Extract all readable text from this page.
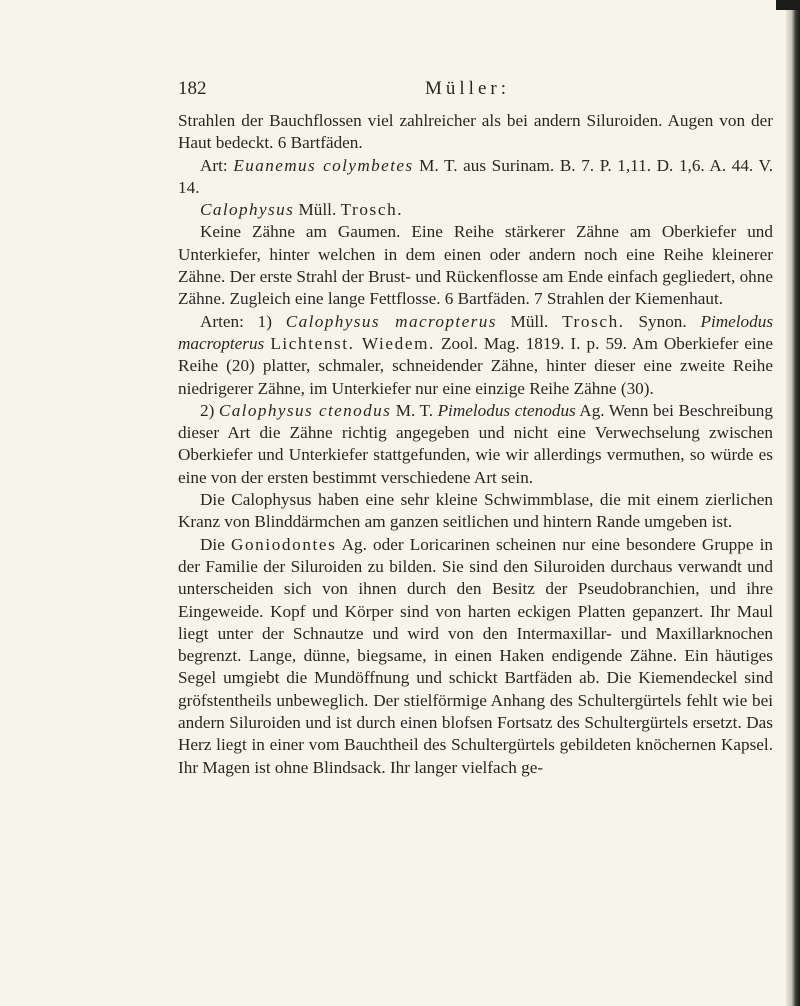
182	Müller:

Strahlen der Bauchflossen viel zahlreicher als bei andern Siluroiden. Augen von der Haut bedeckt. 6 Bartfäden.

Art: Euanemus colymbetes M. T. aus Surinam. B. 7. P. 1,11. D. 1,6. A. 44. V. 14.

Calophysus Müll. Trosch.

Keine Zähne am Gaumen. Eine Reihe stärkerer Zähne am Oberkiefer und Unterkiefer, hinter welchen in dem einen oder andern noch eine Reihe kleinerer Zähne. Der erste Strahl der Brust- und Rückenflosse am Ende einfach gegliedert, ohne Zähne. Zugleich eine lange Fettflosse. 6 Bartfäden. 7 Strahlen der Kiemenhaut.

Arten: 1) Calophysus macropterus Müll. Trosch. Synon. Pimelodus macropterus Lichtenst. Wiedem. Zool. Mag. 1819. I. p. 59. Am Oberkiefer eine Reihe (20) platter, schmaler, schneidender Zähne, hinter dieser eine zweite Reihe niedrigerer Zähne, im Unterkiefer nur eine einzige Reihe Zähne (30).

2) Calophysus ctenodus M. T. Pimelodus ctenodus Ag. Wenn bei Beschreibung dieser Art die Zähne richtig angegeben und nicht eine Verwechselung zwischen Oberkiefer und Unterkiefer stattgefunden, wie wir allerdings vermuthen, so würde es eine von der ersten bestimmt verschiedene Art sein.

Die Calophysus haben eine sehr kleine Schwimmblase, die mit einem zierlichen Kranz von Blinddärmchen am ganzen seitlichen und hintern Rande umgeben ist.

Die Goniodontes Ag. oder Loricarinen scheinen nur eine besondere Gruppe in der Familie der Siluroiden zu bilden. Sie sind den Siluroiden durchaus verwandt und unterscheiden sich von ihnen durch den Besitz der Pseudobranchien, und ihre Eingeweide. Kopf und Körper sind von harten eckigen Platten gepanzert. Ihr Maul liegt unter der Schnautze und wird von den Intermaxillar- und Maxillarknochen begrenzt. Lange, dünne, biegsame, in einen Haken endigende Zähne. Ein häutiges Segel umgiebt die Mundöffnung und schickt Bartfäden ab. Die Kiemendeckel sind gröfstentheils unbeweglich. Der stielförmige Anhang des Schultergürtels fehlt wie bei andern Siluroiden und ist durch einen blofsen Fortsatz des Schultergürtels ersetzt. Das Herz liegt in einer vom Bauchtheil des Schultergürtels gebildeten knöchernen Kapsel. Ihr Magen ist ohne Blindsack. Ihr langer vielfach ge-
